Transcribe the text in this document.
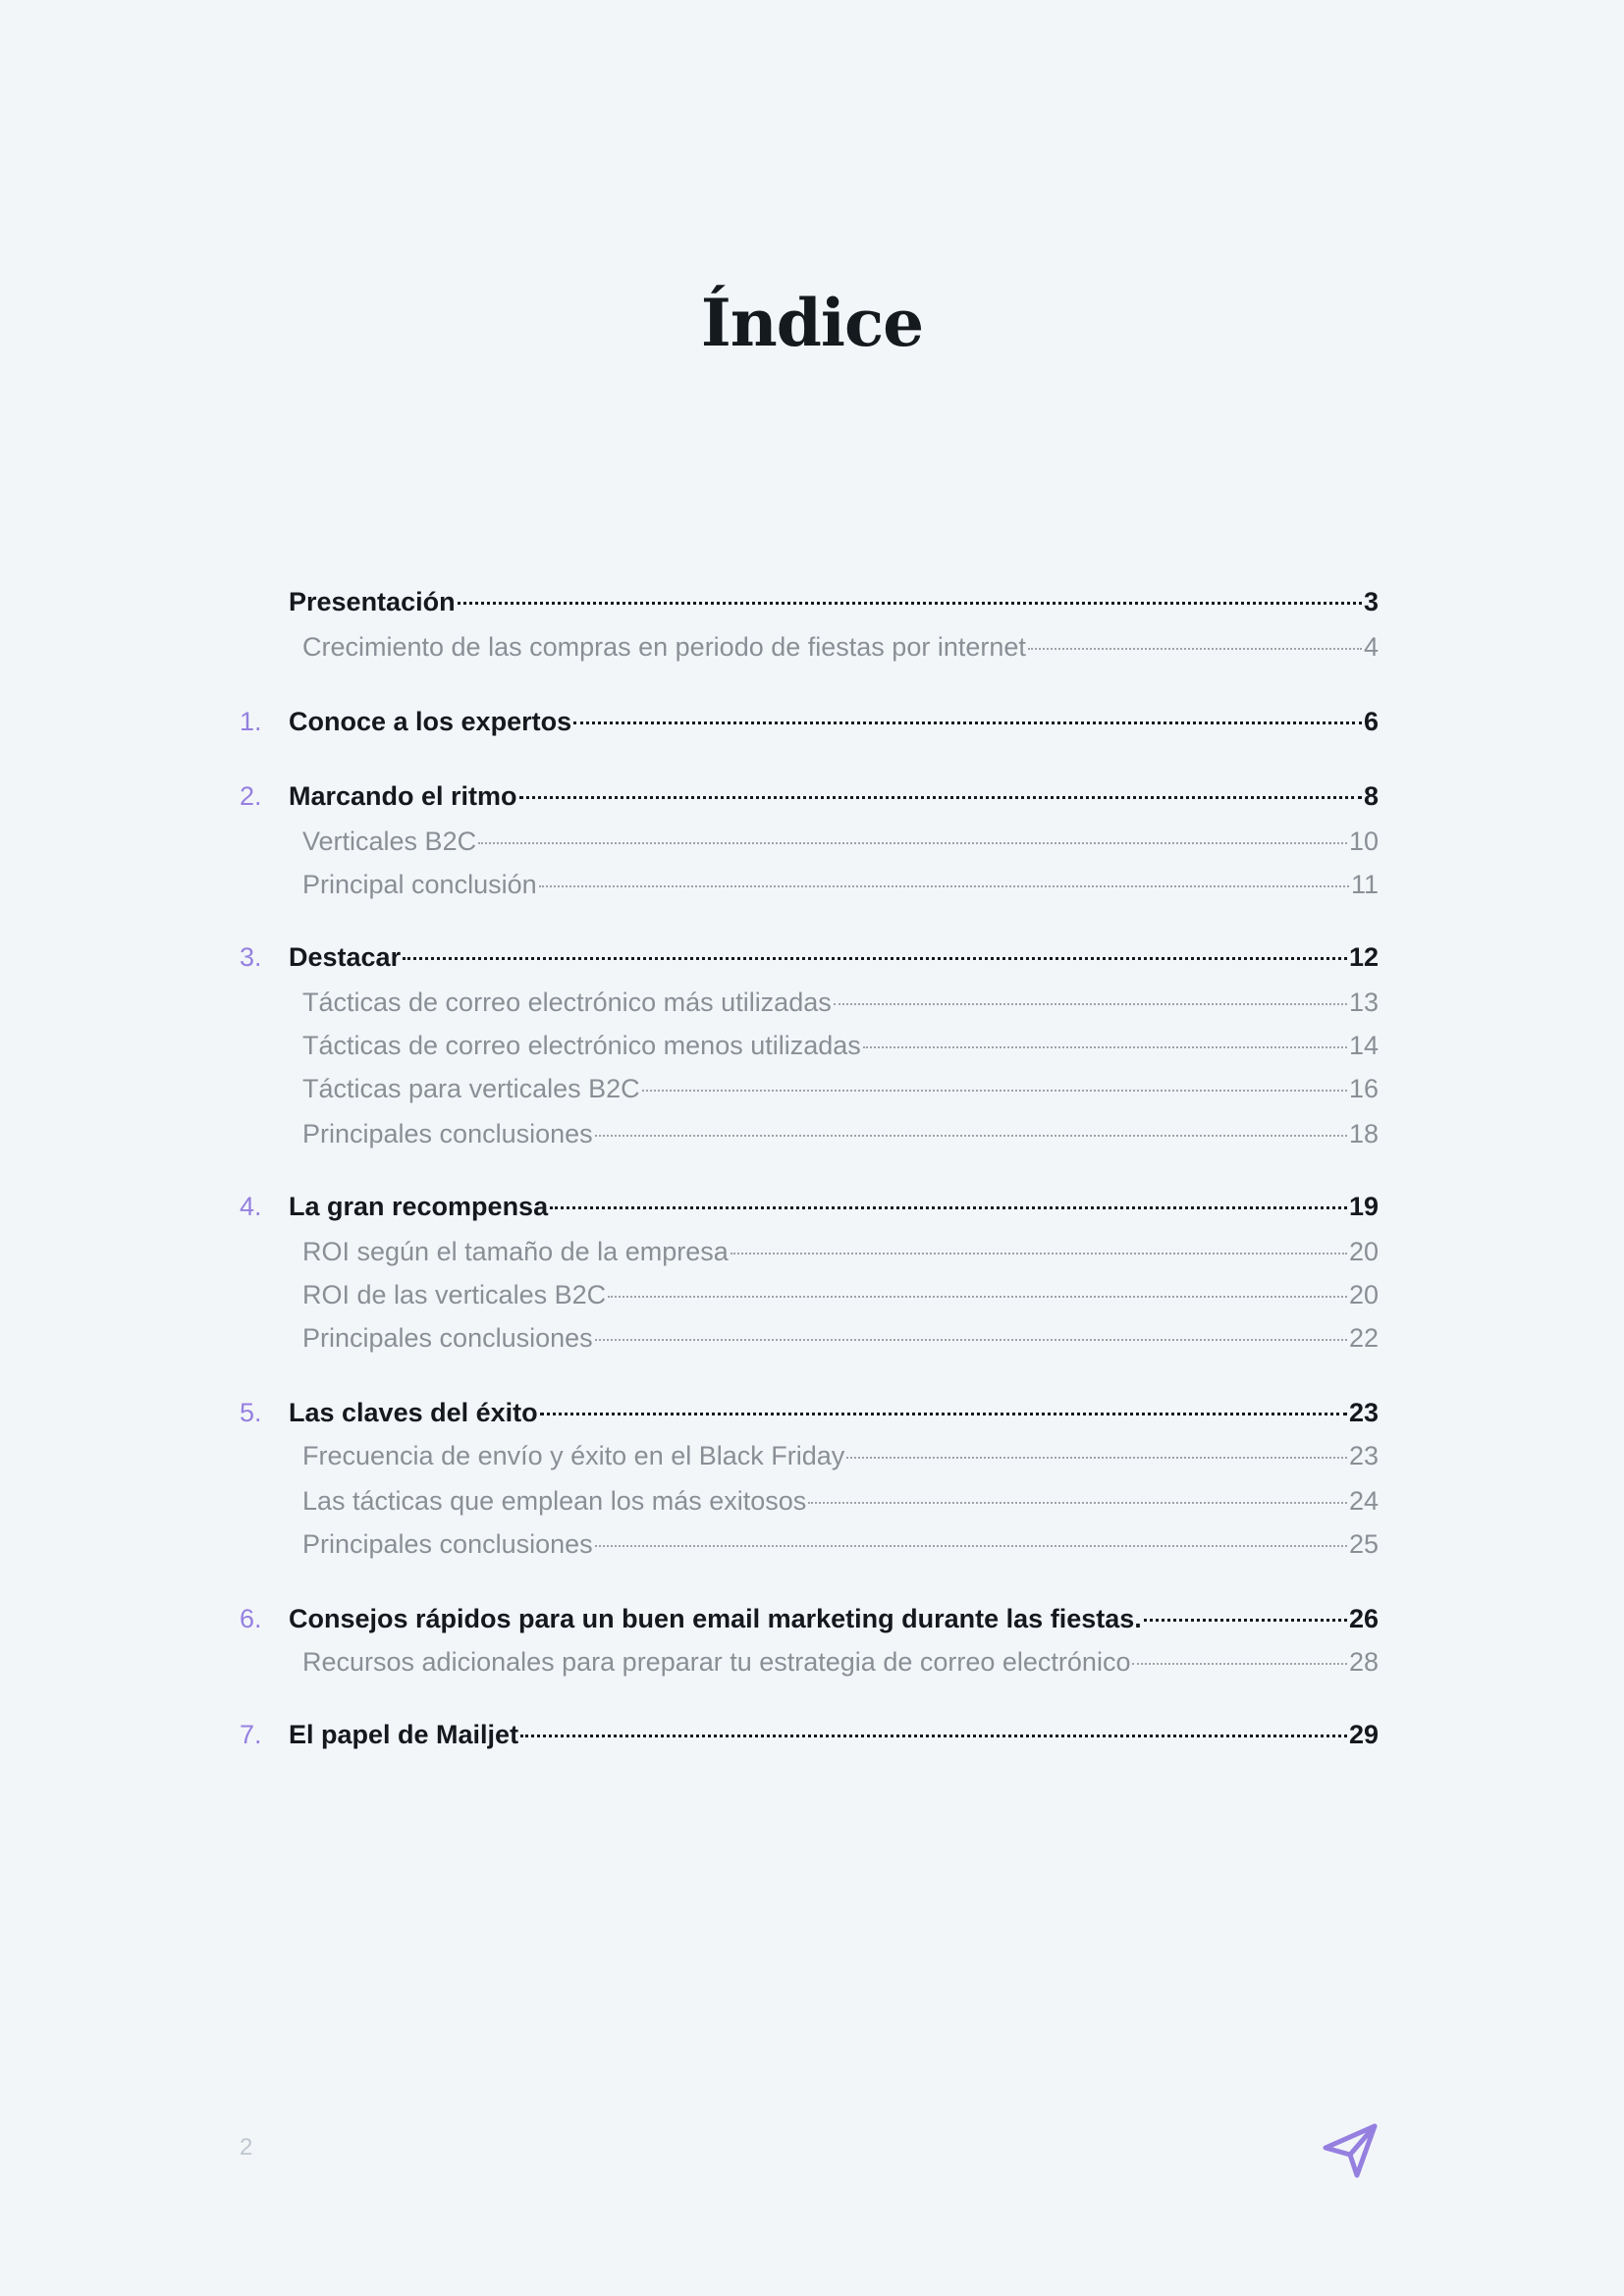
Índice
Presentación	3
Crecimiento de las compras en periodo de fiestas por internet	4
1.	Conoce a los expertos	6
2.	Marcando el ritmo	8
Verticales B2C	10
Principal conclusión	11
3.	Destacar	12
Tácticas de correo electrónico más utilizadas	13
Tácticas de correo electrónico menos utilizadas	14
Tácticas para verticales B2C	16
Principales conclusiones	18
4.	La gran recompensa	19
ROI según el tamaño de la empresa	20
ROI de las verticales B2C	20
Principales conclusiones	22
5.	Las claves del éxito	23
Frecuencia de envío y éxito en el Black Friday	23
Las tácticas que emplean los más exitosos	24
Principales conclusiones	25
6.	Consejos rápidos para un buen email marketing durante las fiestas.	26
Recursos adicionales para preparar tu estrategia de correo electrónico	28
7.	El papel de Mailjet	29
2
